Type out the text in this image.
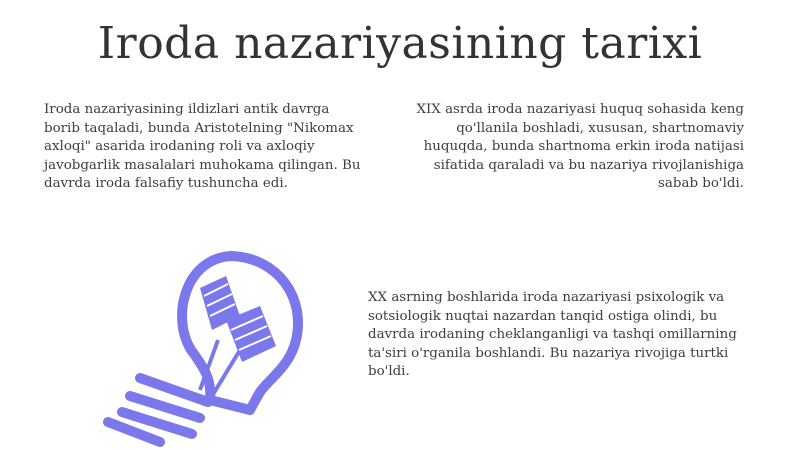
Iroda nazariyasining tarixi
Iroda nazariyasining ildizlari antik davrga borib taqaladi, bunda Aristotelning "Nikomax axloqi" asarida irodaning roli va axloqiy javobgarlik masalalari muhokama qilingan. Bu davrda iroda falsafiy tushuncha edi.
XIX asrda iroda nazariyasi huquq sohasida keng qo'llanila boshladi, xususan, shartnomaviy huquqda, bunda shartnoma erkin iroda natijasi sifatida qaraladi va bu nazariya rivojlanishiga sabab bo'ldi.
XX asrning boshlarida iroda nazariyasi psixologik va sotsiologik nuqtai nazardan tanqid ostiga olindi, bu davrda irodaning cheklanganligi va tashqi omillarning ta'siri o'rganila boshlandi. Bu nazariya rivojiga turtki bo'ldi.
